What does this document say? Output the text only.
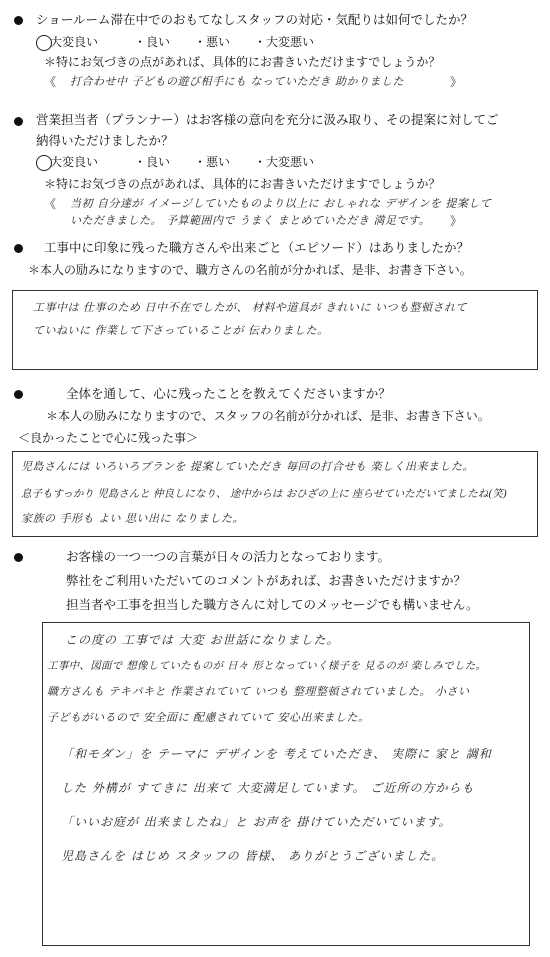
ショールーム滞在中でのおもてなしスタッフの対応・気配りは如何でしたか？
大変良い	・良い ・悪い ・大変悪い
＊特にお気づきの点があれば、具体的にお書きいただけますでしょうか？
《 打合わせ中 子どもの遊び相手にも なっていただき 助かりました	》
営業担当者（プランナー）はお客様の意向を充分に汲み取り、その提案に対してご
納得いただけましたか？
大変良い	・良い ・悪い ・大変悪い
＊特にお気づきの点があれば、具体的にお書きいただけますでしょうか？
《 当初 自分達が イメージしていたものより以上に おしゃれな デザインを 提案して
いただきました。 予算範囲内で うまく まとめていただき 満足です。 》
工事中に印象に残った職方さんや出来ごと（エピソード）はありましたか？
＊本人の励みになりますので、職方さんの名前が分かれば、是非、お書き下さい。
工事中は 仕事のため 日中不在でしたが、 材料や道具が きれいに いつも整頓されて
ていねいに 作業して下さっていることが 伝わりました。
全体を通して、心に残ったことを教えてくださいますか？
＊本人の励みになりますので、スタッフの名前が分かれば、是非、お書き下さい。
＜良かったことで心に残った事＞
児島さんには いろいろプランを 提案していただき 毎回の打合せも 楽しく出来ました。
息子もすっかり 児島さんと 仲良しになり、 途中からは おひざの上に 座らせていただいてましたね(笑)
家族の 手形も よい 思い出に なりました。
お客様の一つ一つの言葉が日々の活力となっております。
弊社をご利用いただいてのコメントがあれば、お書きいただけますか？
担当者や工事を担当した職方さんに対してのメッセージでも構いません。
この度の 工事では 大変 お世話になりました。
工事中、図面で 想像していたものが 日々 形となっていく様子を 見るのが 楽しみでした。
職方さんも テキパキと 作業されていて いつも 整理整頓されていました。 小さい
子どもがいるので 安全面に 配慮されていて 安心出来ました。
「和モダン」を テーマに デザインを 考えていただき、 実際に 家と 調和
した 外構が すてきに 出来て 大変満足しています。 ご近所の方からも
「いいお庭が 出来ましたね」と お声を 掛けていただいています。
児島さんを はじめ スタッフの 皆様、 ありがとうございました。
